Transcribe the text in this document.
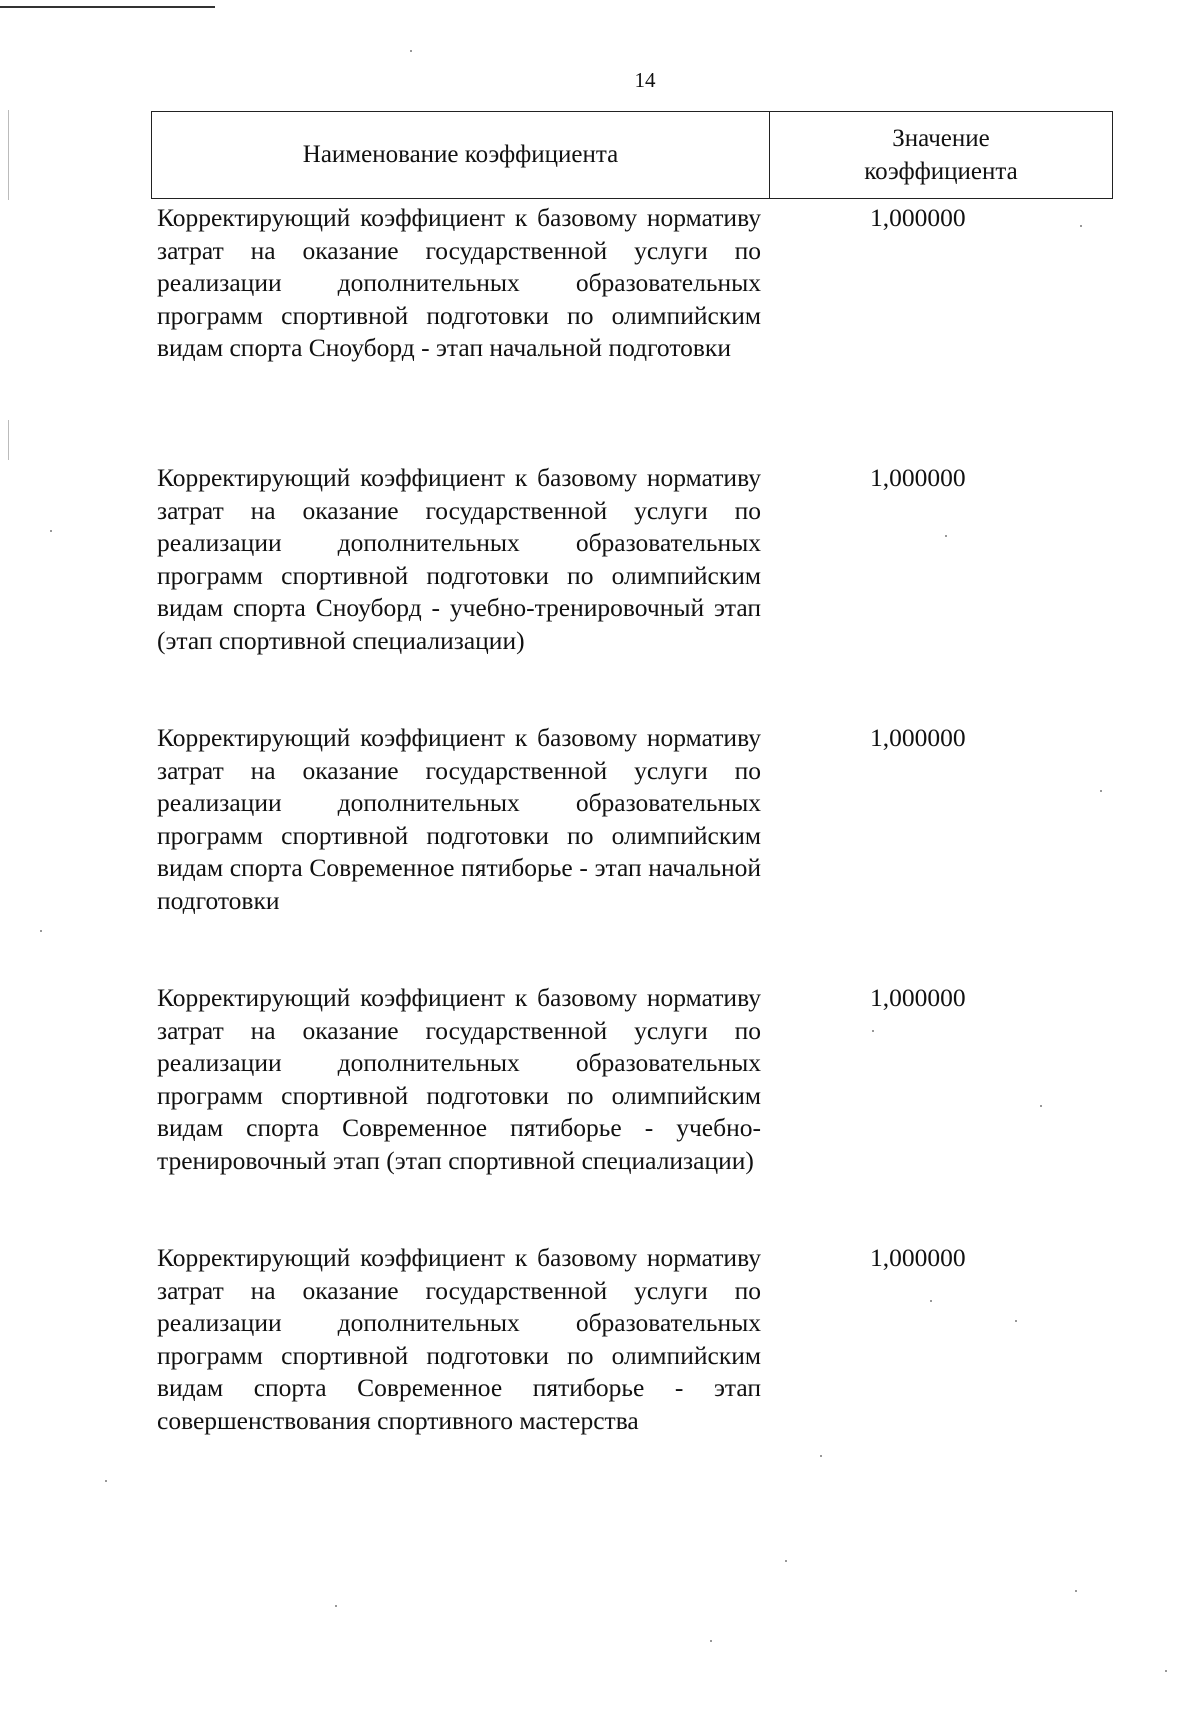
14
Наименование коэффициента
Значение
коэффициента
Корректирующий коэффициент к базовому нормативу затрат на оказание государственной услуги по реализации дополнительных образовательных программ спортивной подготовки по олимпийским видам спорта Сноуборд - этап начальной подготовки
1,000000
Корректирующий коэффициент к базовому нормативу затрат на оказание государственной услуги по реализации дополнительных образовательных программ спортивной подготовки по олимпийским видам спорта Сноуборд - учебно-тренировочный этап (этап спортивной специализации)
1,000000
Корректирующий коэффициент к базовому нормативу затрат на оказание государственной услуги по реализации дополнительных образовательных программ спортивной подготовки по олимпийским видам спорта Современное пятиборье - этап начальной подготовки
1,000000
Корректирующий коэффициент к базовому нормативу затрат на оказание государственной услуги по реализации дополнительных образовательных программ спортивной подготовки по олимпийским видам спорта Современное пятиборье - учебно-тренировочный этап (этап спортивной специализации)
1,000000
Корректирующий коэффициент к базовому нормативу затрат на оказание государственной услуги по реализации дополнительных образовательных программ спортивной подготовки по олимпийским видам спорта Современное пятиборье - этап совершенствования спортивного мастерства
1,000000
